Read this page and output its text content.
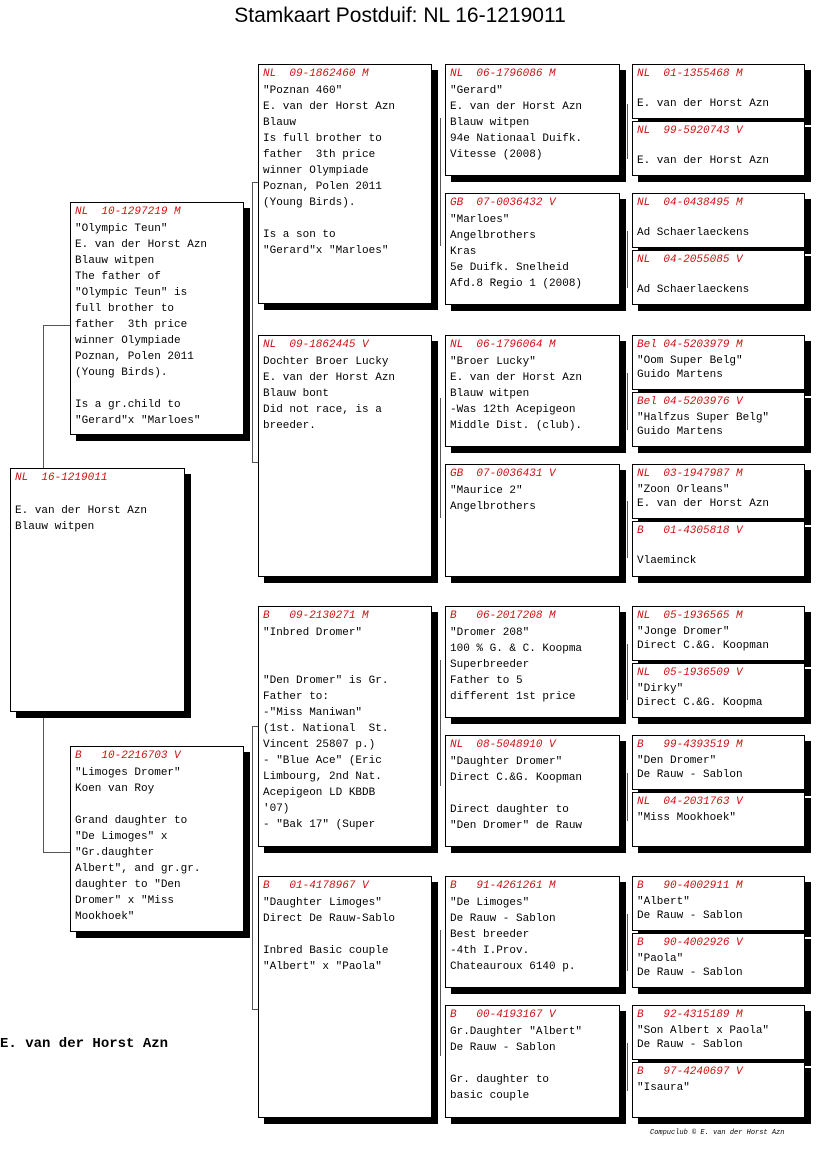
Stamkaart Postduif: NL 16-1219011
NL  16-1219011

E. van der Horst Azn
Blauw witpen
NL  10-1297219 M
"Olympic Teun"
E. van der Horst Azn
Blauw witpen
The father of
"Olympic Teun" is
full brother to
father  3th price
winner Olympiade
Poznan, Polen 2011
(Young Birds).

Is a gr.child to
"Gerard"x "Marloes"
B   10-2216703 V
"Limoges Dromer"
Koen van Roy

Grand daughter to
"De Limoges" x
"Gr.daughter
Albert", and gr.gr.
daughter to "Den
Dromer" x "Miss
Mookhoek"
NL  09-1862460 M
"Poznan 460"
E. van der Horst Azn
Blauw
Is full brother to
father  3th price
winner Olympiade
Poznan, Polen 2011
(Young Birds).

Is a son to
"Gerard"x "Marloes"
NL  09-1862445 V
Dochter Broer Lucky
E. van der Horst Azn
Blauw bont
Did not race, is a
breeder.
B   09-2130271 M
"Inbred Dromer"

"Den Dromer" is Gr.
Father to:
-"Miss Maniwan"
(1st. National  St.
Vincent 25807 p.)
- "Blue Ace" (Eric
Limbourg, 2nd Nat.
Acepigeon LD KBDB
'07)
- "Bak 17" (Super
B   01-4178967 V
"Daughter Limoges"
Direct De Rauw-Sablo

Inbred Basic couple
"Albert" x "Paola"
NL  06-1796086 M
"Gerard"
E. van der Horst Azn
Blauw witpen
94e Nationaal Duifk.
Vitesse (2008)
GB  07-0036432 V
"Marloes"
Angelbrothers
Kras
5e Duifk. Snelheid
Afd.8 Regio 1 (2008)
NL  06-1796064 M
"Broer Lucky"
E. van der Horst Azn
Blauw witpen
-Was 12th Acepigeon
Middle Dist. (club).
GB  07-0036431 V
"Maurice 2"
Angelbrothers
B   06-2017208 M
"Dromer 208"
100 % G. & C. Koopma
Superbreeder
Father to 5
different 1st price
NL  08-5048910 V
"Daughter Dromer"
Direct C.&G. Koopman

Direct daughter to
"Den Dromer" de Rauw
B   91-4261261 M
"De Limoges"
De Rauw - Sablon
Best breeder
-4th I.Prov.
Chateauroux 6140 p.
B   00-4193167 V
Gr.Daughter "Albert"
De Rauw - Sablon

Gr. daughter to
basic couple
NL  01-1355468 M

E. van der Horst Azn
NL  99-5920743 V

E. van der Horst Azn
NL  04-0438495 M

Ad Schaerlaeckens
NL  04-2055085 V

Ad Schaerlaeckens
Bel 04-5203979 M
"Oom Super Belg"
Guido Martens
Bel 04-5203976 V
"Halfzus Super Belg"
Guido Martens
NL  03-1947987 M
"Zoon Orleans"
E. van der Horst Azn
B   01-4305818 V

Vlaeminck
NL  05-1936565 M
"Jonge Dromer"
Direct C.&G. Koopman
NL  05-1936509 V
"Dirky"
Direct C.&G. Koopma
B   99-4393519 M
"Den Dromer"
De Rauw - Sablon
NL  04-2031763 V
"Miss Mookhoek"
B   90-4002911 M
"Albert"
De Rauw - Sablon
B   90-4002926 V
"Paola"
De Rauw - Sablon
B   92-4315189 M
"Son Albert x Paola"
De Rauw - Sablon
B   97-4240697 V
"Isaura"
E. van der Horst Azn
Compuclub © E. van der Horst Azn
